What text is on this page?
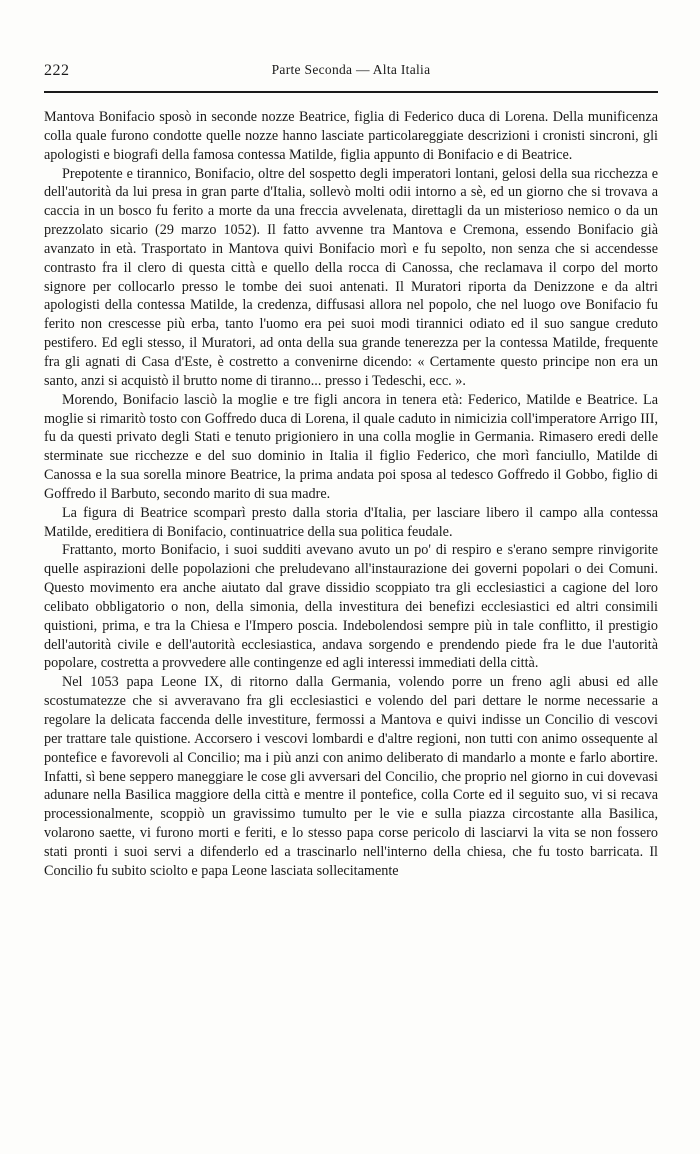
222	Parte Seconda — Alta Italia

Mantova Bonifacio sposò in seconde nozze Beatrice, figlia di Federico duca di Lorena. Della munificenza colla quale furono condotte quelle nozze hanno lasciate particolareggiate descrizioni i cronisti sincroni, gli apologisti e biografi della famosa contessa Matilde, figlia appunto di Bonifacio e di Beatrice.

Prepotente e tirannico, Bonifacio, oltre del sospetto degli imperatori lontani, gelosi della sua ricchezza e dell'autorità da lui presa in gran parte d'Italia, sollevò molti odii intorno a sè, ed un giorno che si trovava a caccia in un bosco fu ferito a morte da una freccia avvelenata, direttagli da un misterioso nemico o da un prezzolato sicario (29 marzo 1052). Il fatto avvenne tra Mantova e Cremona, essendo Bonifacio già avanzato in età. Trasportato in Mantova quivi Bonifacio morì e fu sepolto, non senza che si accendesse contrasto fra il clero di questa città e quello della rocca di Canossa, che reclamava il corpo del morto signore per collocarlo presso le tombe dei suoi antenati. Il Muratori riporta da Denizzone e da altri apologisti della contessa Matilde, la credenza, diffusasi allora nel popolo, che nel luogo ove Bonifacio fu ferito non crescesse più erba, tanto l'uomo era pei suoi modi tirannici odiato ed il suo sangue creduto pestifero. Ed egli stesso, il Muratori, ad onta della sua grande tenerezza per la contessa Matilde, frequente fra gli agnati di Casa d'Este, è costretto a convenirne dicendo: « Certamente questo principe non era un santo, anzi si acquistò il brutto nome di tiranno... presso i Tedeschi, ecc. ».

Morendo, Bonifacio lasciò la moglie e tre figli ancora in tenera età: Federico, Matilde e Beatrice. La moglie si rimaritò tosto con Goffredo duca di Lorena, il quale caduto in nimicizia coll'imperatore Arrigo III, fu da questi privato degli Stati e tenuto prigioniero in una colla moglie in Germania. Rimasero eredi delle sterminate sue ricchezze e del suo dominio in Italia il figlio Federico, che morì fanciullo, Matilde di Canossa e la sua sorella minore Beatrice, la prima andata poi sposa al tedesco Goffredo il Gobbo, figlio di Goffredo il Barbuto, secondo marito di sua madre.

La figura di Beatrice scomparì presto dalla storia d'Italia, per lasciare libero il campo alla contessa Matilde, ereditiera di Bonifacio, continuatrice della sua politica feudale.

Frattanto, morto Bonifacio, i suoi sudditi avevano avuto un po' di respiro e s'erano sempre rinvigorite quelle aspirazioni delle popolazioni che preludevano all'instaurazione dei governi popolari o dei Comuni. Questo movimento era anche aiutato dal grave dissidio scoppiato tra gli ecclesiastici a cagione del loro celibato obbligatorio o non, della simonia, della investitura dei benefizi ecclesiastici ed altri consimili quistioni, prima, e tra la Chiesa e l'Impero poscia. Indebolendosi sempre più in tale conflitto, il prestigio dell'autorità civile e dell'autorità ecclesiastica, andava sorgendo e prendendo piede fra le due l'autorità popolare, costretta a provvedere alle contingenze ed agli interessi immediati della città.

Nel 1053 papa Leone IX, di ritorno dalla Germania, volendo porre un freno agli abusi ed alle scostumatezze che si avveravano fra gli ecclesiastici e volendo del pari dettare le norme necessarie a regolare la delicata faccenda delle investiture, fermossi a Mantova e quivi indisse un Concilio di vescovi per trattare tale quistione. Accorsero i vescovi lombardi e d'altre regioni, non tutti con animo ossequente al pontefice e favorevoli al Concilio; ma i più anzi con animo deliberato di mandarlo a monte e farlo abortire. Infatti, sì bene seppero maneggiare le cose gli avversari del Concilio, che proprio nel giorno in cui dovevasi adunare nella Basilica maggiore della città e mentre il pontefice, colla Corte ed il seguito suo, vi si recava processionalmente, scoppiò un gravissimo tumulto per le vie e sulla piazza circostante alla Basilica, volarono saette, vi furono morti e feriti, e lo stesso papa corse pericolo di lasciarvi la vita se non fossero stati pronti i suoi servi a difenderlo ed a trascinarlo nell'interno della chiesa, che fu tosto barricata. Il Concilio fu subito sciolto e papa Leone lasciata sollecitamente
